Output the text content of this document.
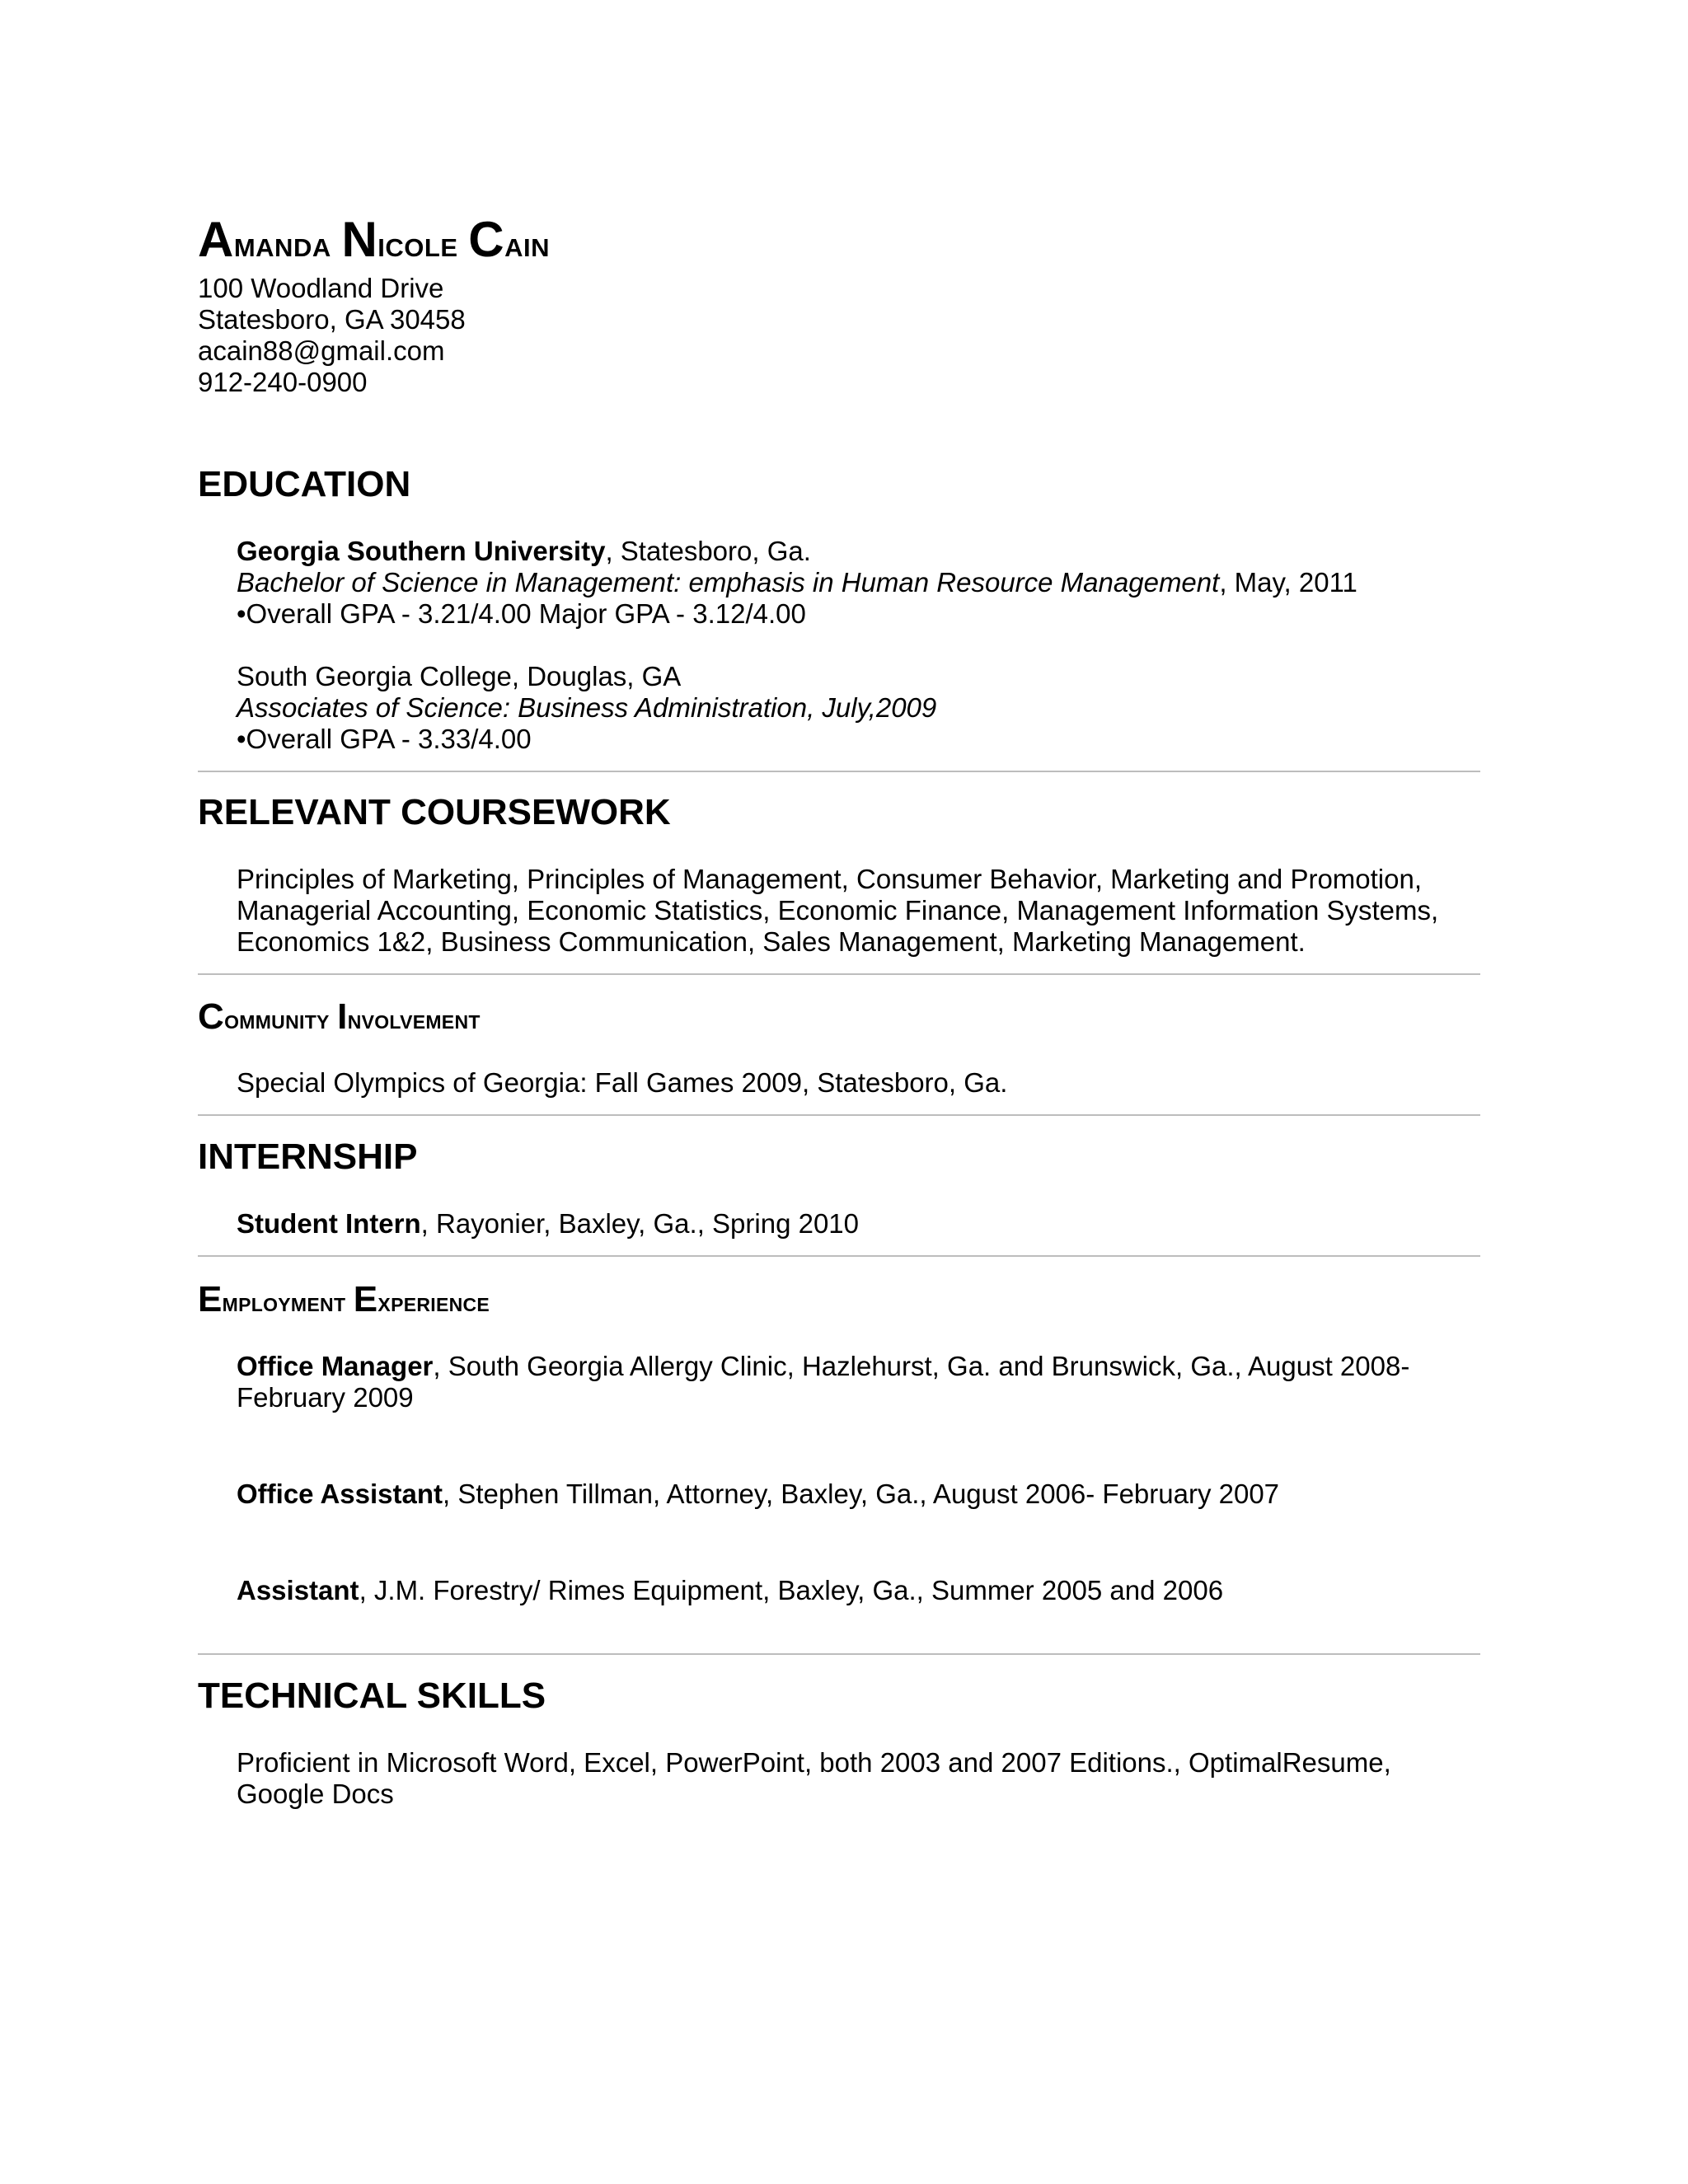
Amanda Nicole Cain
100 Woodland Drive
Statesboro, GA 30458
acain88@gmail.com
912-240-0900
EDUCATION
Georgia Southern University, Statesboro, Ga.
Bachelor of Science in Management: emphasis in Human Resource Management, May, 2011
•Overall GPA - 3.21/4.00 Major GPA - 3.12/4.00
South Georgia College, Douglas, GA
Associates of Science: Business Administration, July,2009
•Overall GPA - 3.33/4.00
RELEVANT COURSEWORK
Principles of Marketing, Principles of Management, Consumer Behavior, Marketing and Promotion,
Managerial Accounting, Economic Statistics, Economic Finance, Management Information Systems,
Economics 1&2, Business Communication, Sales Management, Marketing Management.
Community Involvement
Special Olympics of Georgia: Fall Games 2009, Statesboro, Ga.
INTERNSHIP
Student Intern, Rayonier, Baxley, Ga., Spring 2010
Employment Experience
Office Manager, South Georgia Allergy Clinic, Hazlehurst, Ga. and Brunswick, Ga., August 2008-
February 2009
Office Assistant, Stephen Tillman, Attorney, Baxley, Ga., August 2006- February 2007
Assistant, J.M. Forestry/ Rimes Equipment, Baxley, Ga., Summer 2005 and 2006
TECHNICAL SKILLS
Proficient in Microsoft Word, Excel, PowerPoint, both 2003 and 2007 Editions., OptimalResume,
Google Docs
